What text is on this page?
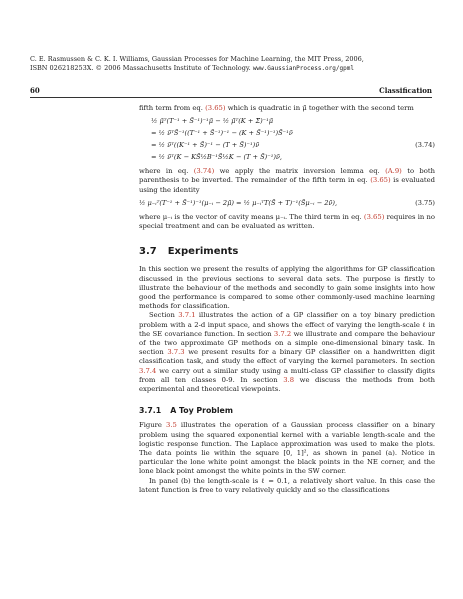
C. E. Rasmussen & C. K. I. Williams, Gaussian Processes for Machine Learning, the MIT Press, 2006,
ISBN 026218253X. © 2006 Massachusetts Institute of Technology. www.GaussianProcess.org/gpml
60	Classification

fifth term from eq. (3.65) which is quadratic in μ̃ together with the second term

½ μ̃ᵀ(T⁻¹ + S̃⁻¹)⁻¹μ̃ − ½ μ̃ᵀ(K + Σ̃)⁻¹μ̃
= ½ ν̃ᵀS̃⁻¹((T⁻¹ + S̃⁻¹)⁻¹ − (K + S̃⁻¹)⁻¹)S̃⁻¹ν̃
= ½ ν̃ᵀ((K⁻¹ + S̃)⁻¹ − (T + S̃)⁻¹)ν̃	(3.74)
= ½ ν̃ᵀ(K − KS̃½B⁻¹S̃½K − (T + S̃)⁻¹)ν̃,

where in eq. (3.74) we apply the matrix inversion lemma eq. (A.9) to both parenthesis to be inverted. The remainder of the fifth term in eq. (3.65) is evaluated using the identity

½ μ₋ᵢᵀ(T⁻¹ + S̃⁻¹)⁻¹(μ₋ᵢ − 2μ̃) = ½ μ₋ᵢᵀT(S̃ + T)⁻¹(S̃μ₋ᵢ − 2ν̃),	(3.75)

where μ₋ᵢ is the vector of cavity means μ₋ᵢ. The third term in eq. (3.65) requires in no special treatment and can be evaluated as written.

3.7 Experiments

In this section we present the results of applying the algorithms for GP classification discussed in the previous sections to several data sets. The purpose is firstly to illustrate the behaviour of the methods and secondly to gain some insights into how good the performance is compared to some other commonly-used machine learning methods for classification.

Section 3.7.1 illustrates the action of a GP classifier on a toy binary prediction problem with a 2-d input space, and shows the effect of varying the length-scale ℓ in the SE covariance function. In section 3.7.2 we illustrate and compare the behaviour of the two approximate GP methods on a simple one-dimensional binary task. In section 3.7.3 we present results for a binary GP classifier on a handwritten digit classification task, and study the effect of varying the kernel parameters. In section 3.7.4 we carry out a similar study using a multi-class GP classifier to classify digits from all ten classes 0-9. In section 3.8 we discuss the methods from both experimental and theoretical viewpoints.

3.7.1 A Toy Problem

Figure 3.5 illustrates the operation of a Gaussian process classifier on a binary problem using the squared exponential kernel with a variable length-scale and the logistic response function. The Laplace approximation was used to make the plots. The data points lie within the square [0, 1]², as shown in panel (a). Notice in particular the lone white point amongst the black points in the NE corner, and the lone black point amongst the white points in the SW corner.

In panel (b) the length-scale is ℓ = 0.1, a relatively short value. In this case the latent function is free to vary relatively quickly and so the classifications
